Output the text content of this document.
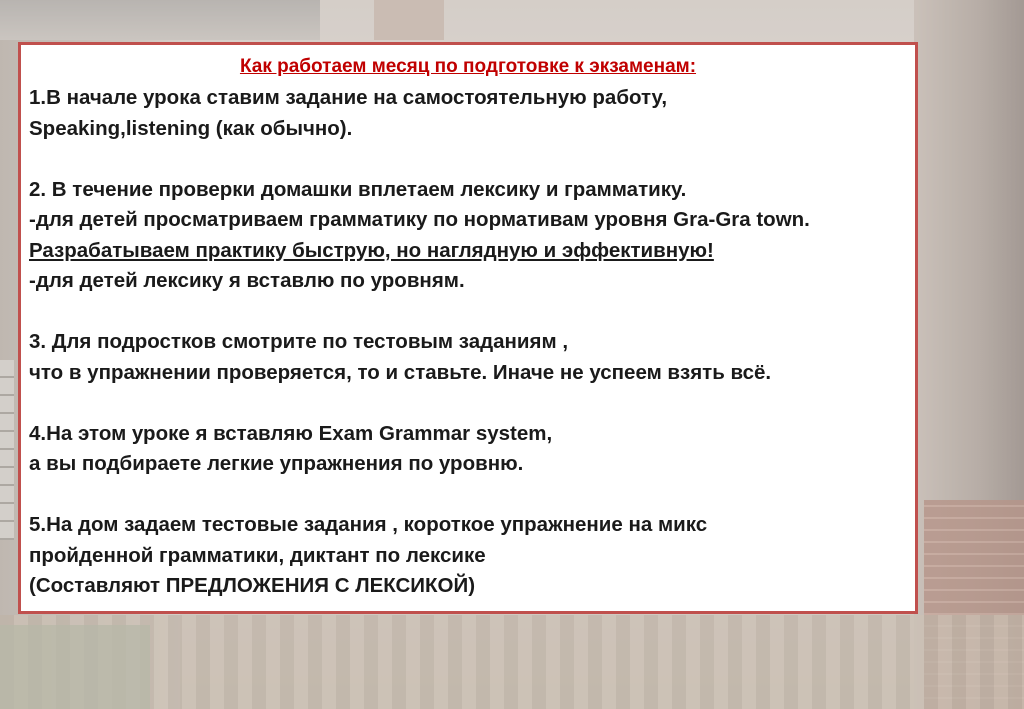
Как работаем месяц по подготовке к экзаменам:

1.В начале урока ставим задание на самостоятельную работу,

Speaking,listening (как обычно).

2. В течение проверки домашки вплетаем лексику и грамматику.

-для детей просматриваем грамматику по нормативам уровня Gra-Gra town.

Разрабатываем практику быструю, но наглядную и эффективную!

-для детей лексику я вставлю по уровням.

3. Для подростков смотрите по тестовым заданиям ,

что в упражнении проверяется, то и ставьте. Иначе не успеем взять всё.

4.На этом уроке я вставляю Exam Grammar system,

а вы подбираете легкие упражнения по уровню.

5.На дом задаем тестовые задания , короткое упражнение на микс

пройденной грамматики, диктант по лексике

(Составляют ПРЕДЛОЖЕНИЯ С ЛЕКСИКОЙ)
